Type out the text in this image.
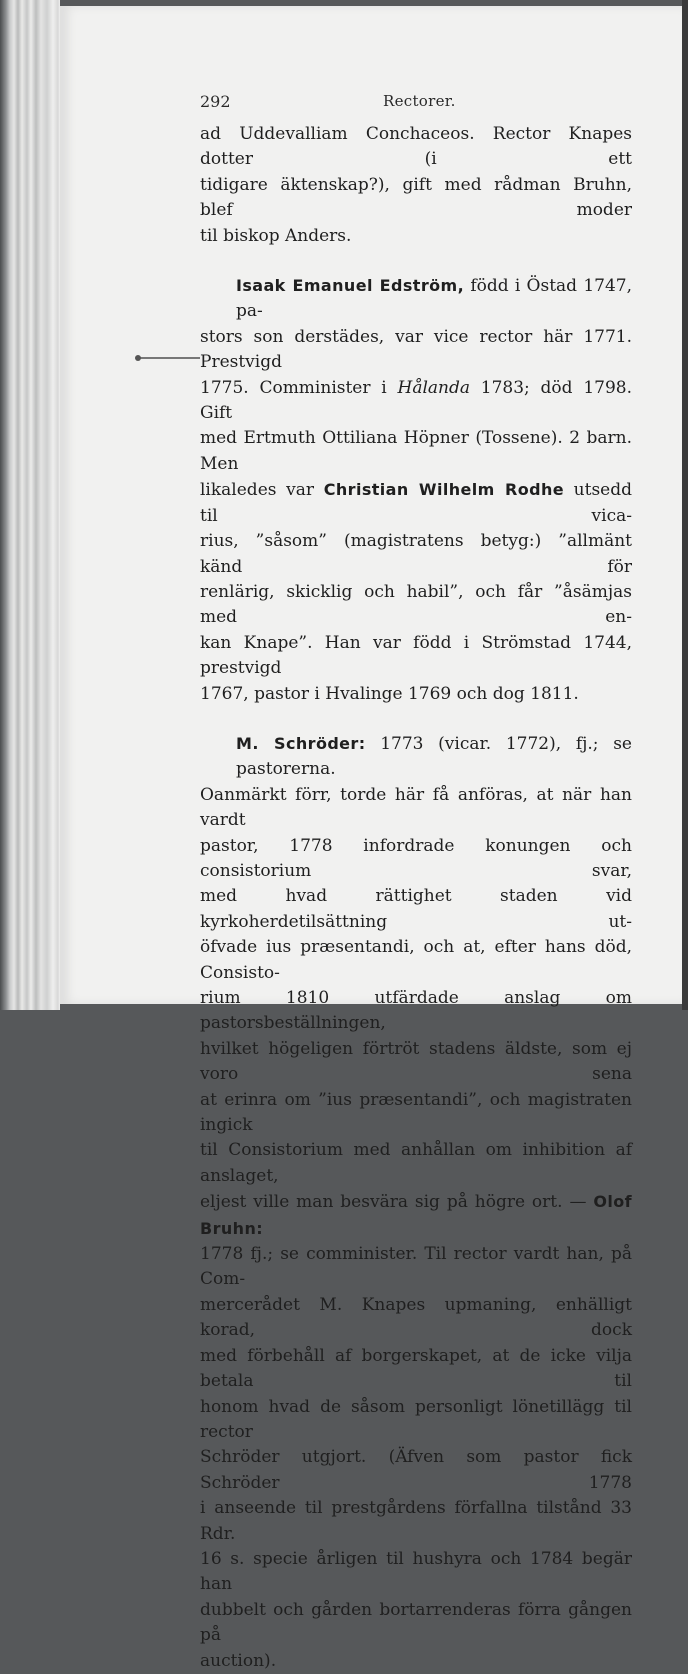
292	Rectorer.

ad Uddevalliam Conchaceos. Rector Knapes dotter (i ett

tidigare äktenskap?), gift med rådman Bruhn, blef moder

til biskop Anders.

Isaak Emanuel Edström, född i Östad 1747, pa-

stors son derstädes, var vice rector här 1771. Prestvigd

1775. Comminister i Hålanda 1783; död 1798. Gift

med Ertmuth Ottiliana Höpner (Tossene). 2 barn. Men

likaledes var Christian Wilhelm Rodhe utsedd til vica-

rius, ”såsom” (magistratens betyg:) ”allmänt känd för

renlärig, skicklig och habil”, och får ”åsämjas med en-

kan Knape”. Han var född i Strömstad 1744, prestvigd

1767, pastor i Hvalinge 1769 och dog 1811.

M. Schröder: 1773 (vicar. 1772), fj.; se pastorerna.

Oanmärkt förr, torde här få anföras, at när han vardt

pastor, 1778 infordrade konungen och consistorium svar,

med hvad rättighet staden vid kyrkoherdetilsättning ut-

öfvade ius præsentandi, och at, efter hans död, Consisto-

rium 1810 utfärdade anslag om pastorsbeställningen,

hvilket högeligen förtröt stadens äldste, som ej voro sena

at erinra om ”ius præsentandi”, och magistraten ingick

til Consistorium med anhållan om inhibition af anslaget,

eljest ville man besvära sig på högre ort. — Olof Bruhn:

1778 fj.; se comminister. Til rector vardt han, på Com-

mercerådet M. Knapes upmaning, enhälligt korad, dock

med förbehåll af borgerskapet, at de icke vilja betala til

honom hvad de såsom personligt lönetillägg til rector

Schröder utgjort. (Äfven som pastor fick Schröder 1778

i anseende til prestgårdens förfallna tilstånd 33 Rdr.

16 s. specie årligen til hushyra och 1784 begär han

dubbelt och gården bortarrenderas förra gången på

auction).
